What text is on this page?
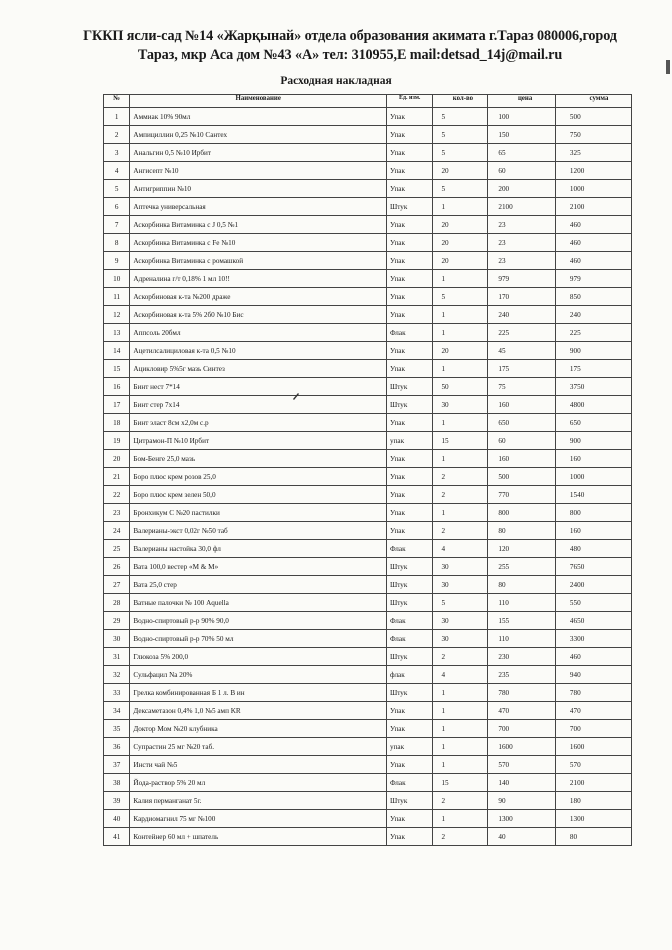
ГККП ясли-сад №14 «Жарқынай» отдела образования акимата г.Тараз 080006,город
Тараз, мкр Аса дом №43 «А» тел: 310955,E mail:detsad_14j@mail.ru
Расходная накладная
№	Наименование	Ед. изм.	кол-во	цена	сумма
1	Аммиак 10% 90мл	Упак	5	100	500
2	Ампициллин 0,25 №10 Сантех	Упак	5	150	750
3	Анальгин 0,5 №10 Ирбит	Упак	5	65	325
4	Ангисепт №10	Упак	20	60	1200
5	Антигриппин №10	Упак	5	200	1000
6	Аптечка универсальная	Штук	1	2100	2100
7	Аскорбинка Витаминка с J 0,5 №1	Упак	20	23	460
8	Аскорбинка Витаминка с Fe №10	Упак	20	23	460
9	Аскорбинка Витаминка с ромашкой	Упак	20	23	460
10	Адреналина г/т 0,18% 1 мл 10!!	Упак	1	979	979
11	Аскорбиновая к-та №200 драже	Упак	5	170	850
12	Аскорбиновая к-та 5% 2б0 №10 Бис	Упак	1	240	240
13	Аппсоль 20бмл	Флак	1	225	225
14	Ацетилсалициловая к-та 0,5 №10	Упак	20	45	900
15	Ацикловир 5%5г мазь Синтез	Упак	1	175	175
16	Бинт нест 7*14	Штук	50	75	3750
17	Бинт стер 7х14	Штук	30	160	4800
18	Бинт эласт 8см х2,0м с.р	Упак	1	650	650
19	Цитрамон-П №10 Ирбит	упак	15	60	900
20	Бом-Бенге 25,0 мазь	Упак	1	160	160
21	Боро плюс крем розов 25,0	Упак	2	500	1000
22	Боро плюс крем зелен 50,0	Упак	2	770	1540
23	Бронхикум С №20 пастилки	Упак	1	800	800
24	Валерианы-экст 0,02г №50 таб	Упак	2	80	160
25	Валерианы настойка 30,0 фл	Флак	4	120	480
26	Вата 100,0 вестер «М & М»	Штук	30	255	7650
27	Вата 25,0 стер	Штук	30	80	2400
28	Ватные палочки № 100 Aquella	Штук	5	110	550
29	Водно-спиртовый р-р 90% 90,0	Флак	30	155	4650
30	Водно-спиртовый р-р 70% 50 мл	Флак	30	110	3300
31	Глюкоза 5% 200,0	Штук	2	230	460
32	Сульфацил Na 20%	флак	4	235	940
33	Грелка комбинированная Б 1 л. В ин	Штук	1	780	780
34	Дексаметазон 0,4% 1,0 №5 амп KR	Упак	1	470	470
35	Доктор Мом №20 клубника	Упак	1	700	700
36	Супрастин 25 мг №20 таб.	упак	1	1600	1600
37	Инсти чай №5	Упак	1	570	570
38	Йода-раствор 5% 20 мл	Флак	15	140	2100
39	Калия перманганат 5г.	Штук	2	90	180
40	Кардиомагнил 75 мг №100	Упак	1	1300	1300
41	Контейнер 60 мл + шпатель	Упак	2	40	80
